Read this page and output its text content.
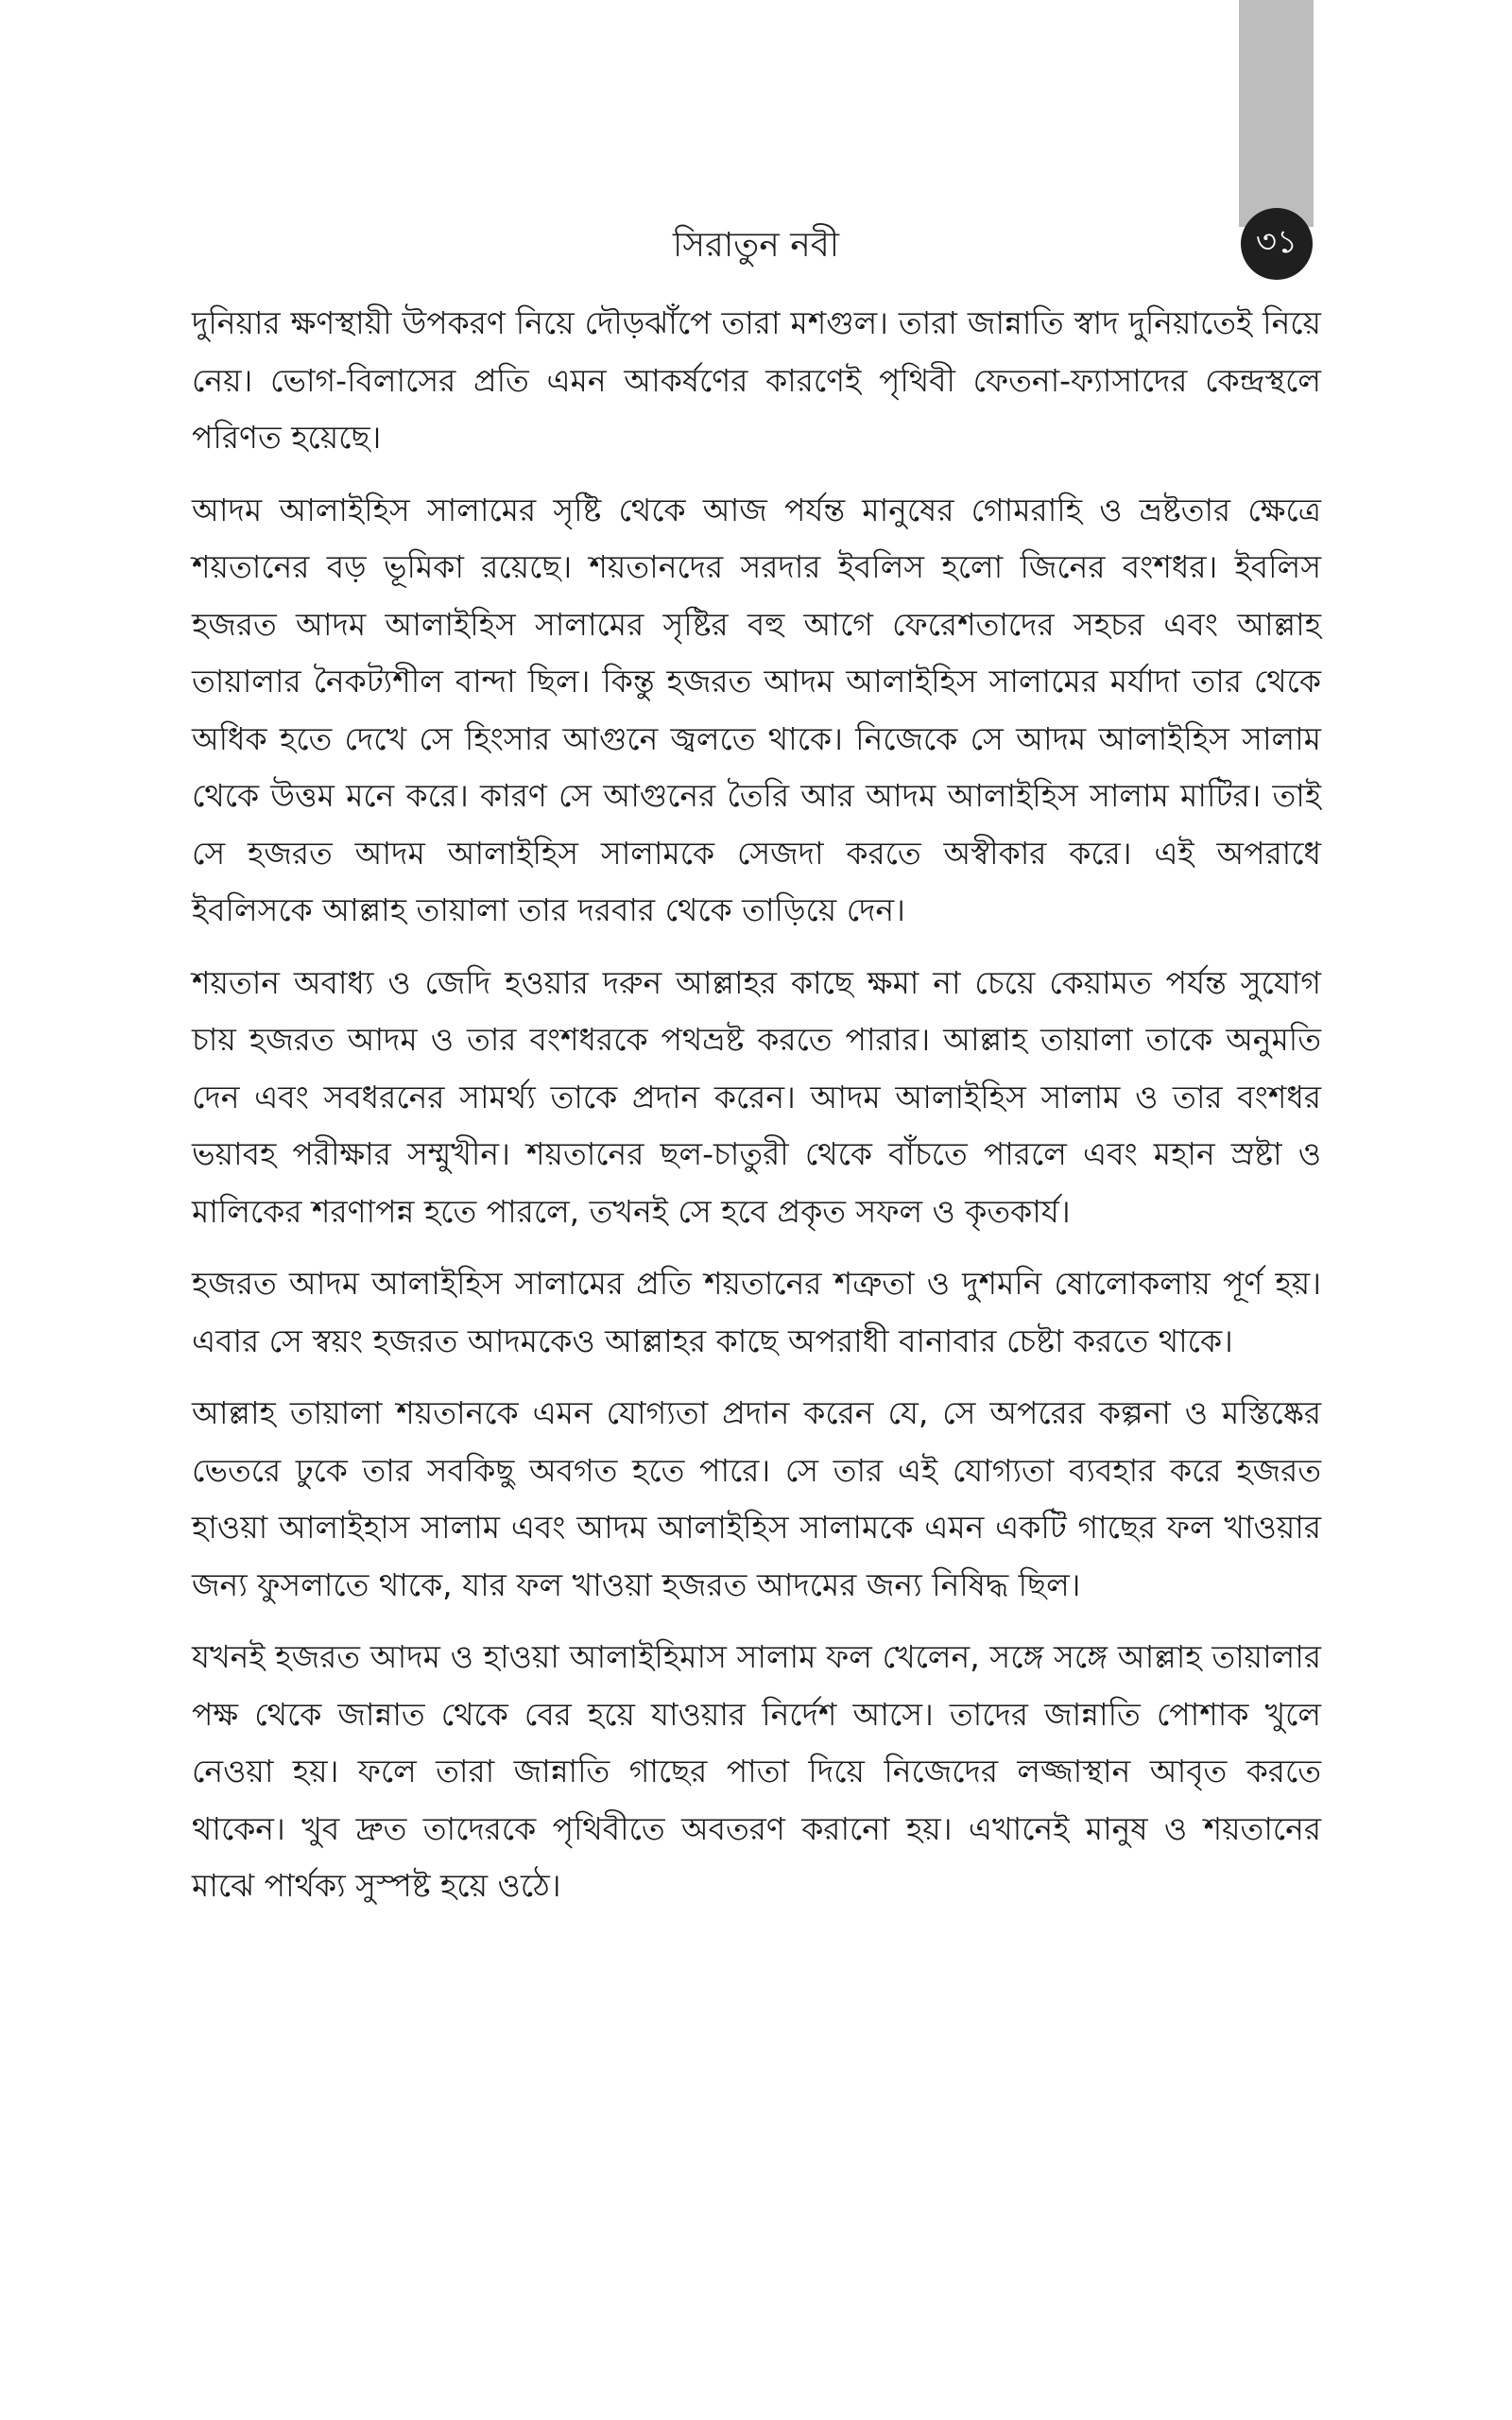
৩১
সিরাতুন নবী

দুনিয়ার ক্ষণস্থায়ী উপকরণ নিয়ে দৌড়ঝাঁপে তারা মশগুল। তারা জান্নাতি স্বাদ দুনিয়াতেই নিয়ে নেয়। ভোগ-বিলাসের প্রতি এমন আকর্ষণের কারণেই পৃথিবী ফেতনা-ফ্যাসাদের কেন্দ্রস্থলে পরিণত হয়েছে।

আদম আলাইহিস সালামের সৃষ্টি থেকে আজ পর্যন্ত মানুষের গোমরাহি ও ভ্রষ্টতার ক্ষেত্রে শয়তানের বড় ভূমিকা রয়েছে। শয়তানদের সরদার ইবলিস হলো জিনের বংশধর। ইবলিস হজরত আদম আলাইহিস সালামের সৃষ্টির বহু আগে ফেরেশতাদের সহচর এবং আল্লাহ তায়ালার নৈকট্যশীল বান্দা ছিল। কিন্তু হজরত আদম আলাইহিস সালামের মর্যাদা তার থেকে অধিক হতে দেখে সে হিংসার আগুনে জ্বলতে থাকে। নিজেকে সে আদম আলাইহিস সালাম থেকে উত্তম মনে করে। কারণ সে আগুনের তৈরি আর আদম আলাইহিস সালাম মাটির। তাই সে হজরত আদম আলাইহিস সালামকে সেজদা করতে অস্বীকার করে। এই অপরাধে ইবলিসকে আল্লাহ তায়ালা তার দরবার থেকে তাড়িয়ে দেন।

শয়তান অবাধ্য ও জেদি হওয়ার দরুন আল্লাহর কাছে ক্ষমা না চেয়ে কেয়ামত পর্যন্ত সুযোগ চায় হজরত আদম ও তার বংশধরকে পথভ্রষ্ট করতে পারার। আল্লাহ তায়ালা তাকে অনুমতি দেন এবং সবধরনের সামর্থ্য তাকে প্রদান করেন। আদম আলাইহিস সালাম ও তার বংশধর ভয়াবহ পরীক্ষার সম্মুখীন। শয়তানের ছল-চাতুরী থেকে বাঁচতে পারলে এবং মহান স্রষ্টা ও মালিকের শরণাপন্ন হতে পারলে, তখনই সে হবে প্রকৃত সফল ও কৃতকার্য।

হজরত আদম আলাইহিস সালামের প্রতি শয়তানের শত্রুতা ও দুশমনি ষোলোকলায় পূর্ণ হয়। এবার সে স্বয়ং হজরত আদমকেও আল্লাহর কাছে অপরাধী বানাবার চেষ্টা করতে থাকে।

আল্লাহ তায়ালা শয়তানকে এমন যোগ্যতা প্রদান করেন যে, সে অপরের কল্পনা ও মস্তিষ্কের ভেতরে ঢুকে তার সবকিছু অবগত হতে পারে। সে তার এই যোগ্যতা ব্যবহার করে হজরত হাওয়া আলাইহাস সালাম এবং আদম আলাইহিস সালামকে এমন একটি গাছের ফল খাওয়ার জন্য ফুসলাতে থাকে, যার ফল খাওয়া হজরত আদমের জন্য নিষিদ্ধ ছিল।

যখনই হজরত আদম ও হাওয়া আলাইহিমাস সালাম ফল খেলেন, সঙ্গে সঙ্গে আল্লাহ তায়ালার পক্ষ থেকে জান্নাত থেকে বের হয়ে যাওয়ার নির্দেশ আসে। তাদের জান্নাতি পোশাক খুলে নেওয়া হয়। ফলে তারা জান্নাতি গাছের পাতা দিয়ে নিজেদের লজ্জাস্থান আবৃত করতে থাকেন। খুব দ্রুত তাদেরকে পৃথিবীতে অবতরণ করানো হয়। এখানেই মানুষ ও শয়তানের মাঝে পার্থক্য সুস্পষ্ট হয়ে ওঠে।
